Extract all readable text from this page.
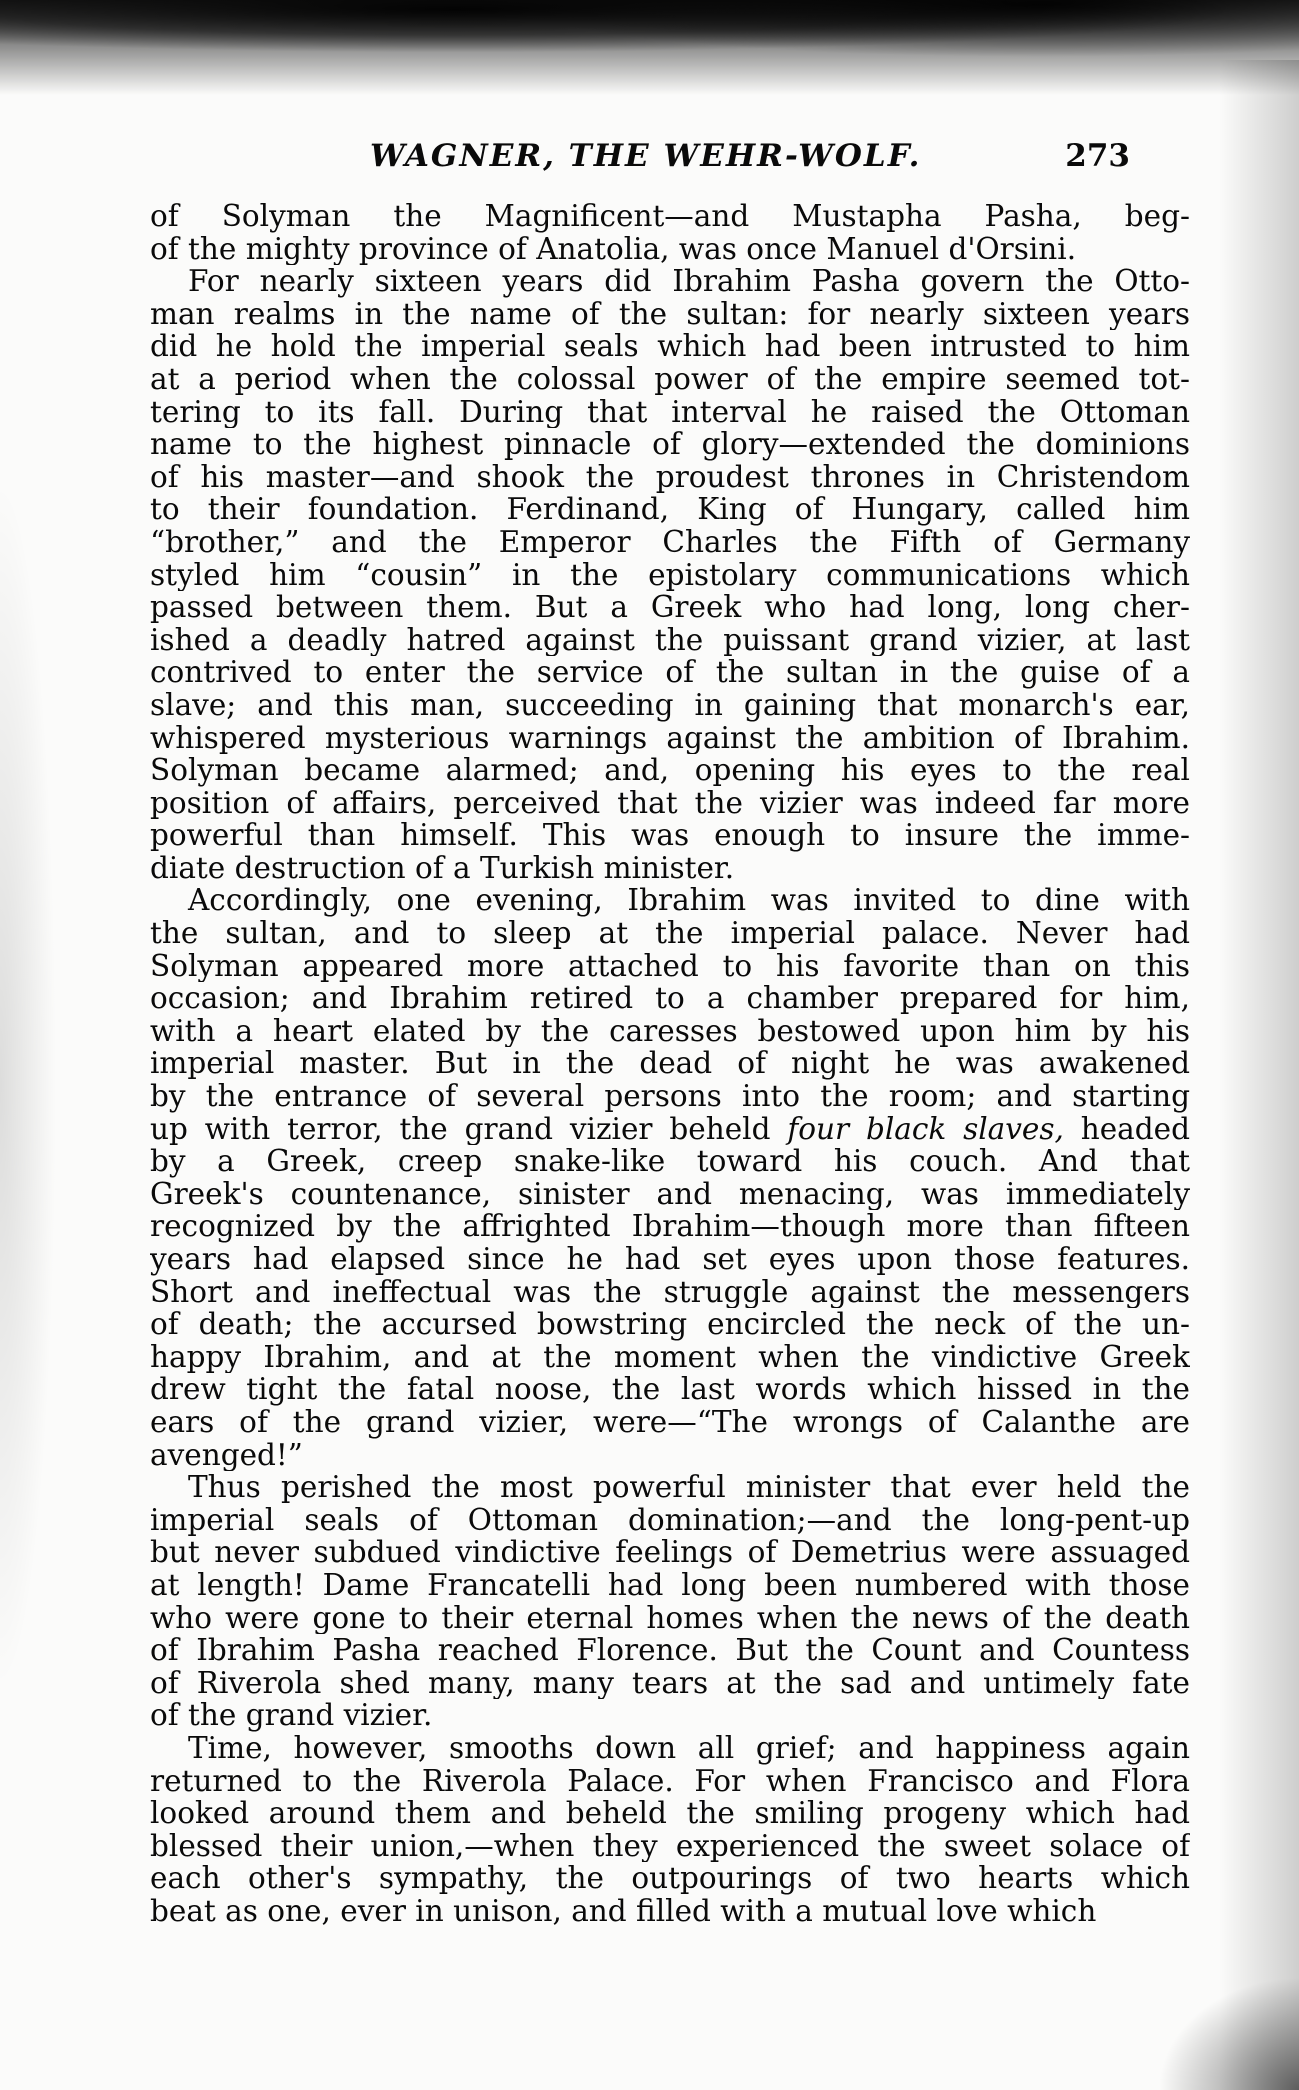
WAGNER, THE WEHR-WOLF.	273
of Solyman the Magnificent—and Mustapha Pasha, beg-
of the mighty province of Anatolia, was once Manuel d'Orsini.
For nearly sixteen years did Ibrahim Pasha govern the Otto-
man realms in the name of the sultan: for nearly sixteen years
did he hold the imperial seals which had been intrusted to him
at a period when the colossal power of the empire seemed tot-
tering to its fall. During that interval he raised the Ottoman
name to the highest pinnacle of glory—extended the dominions
of his master—and shook the proudest thrones in Christendom
to their foundation. Ferdinand, King of Hungary, called him
“brother,” and the Emperor Charles the Fifth of Germany
styled him “cousin” in the epistolary communications which
passed between them. But a Greek who had long, long cher-
ished a deadly hatred against the puissant grand vizier, at last
contrived to enter the service of the sultan in the guise of a
slave; and this man, succeeding in gaining that monarch's ear,
whispered mysterious warnings against the ambition of Ibrahim.
Solyman became alarmed; and, opening his eyes to the real
position of affairs, perceived that the vizier was indeed far more
powerful than himself. This was enough to insure the imme-
diate destruction of a Turkish minister.
Accordingly, one evening, Ibrahim was invited to dine with
the sultan, and to sleep at the imperial palace. Never had
Solyman appeared more attached to his favorite than on this
occasion; and Ibrahim retired to a chamber prepared for him,
with a heart elated by the caresses bestowed upon him by his
imperial master. But in the dead of night he was awakened
by the entrance of several persons into the room; and starting
up with terror, the grand vizier beheld four black slaves, headed
by a Greek, creep snake-like toward his couch. And that
Greek's countenance, sinister and menacing, was immediately
recognized by the affrighted Ibrahim—though more than fifteen
years had elapsed since he had set eyes upon those features.
Short and ineffectual was the struggle against the messengers
of death; the accursed bowstring encircled the neck of the un-
happy Ibrahim, and at the moment when the vindictive Greek
drew tight the fatal noose, the last words which hissed in the
ears of the grand vizier, were—“The wrongs of Calanthe are
avenged!”
Thus perished the most powerful minister that ever held the
imperial seals of Ottoman domination;—and the long-pent-up
but never subdued vindictive feelings of Demetrius were assuaged
at length! Dame Francatelli had long been numbered with those
who were gone to their eternal homes when the news of the death
of Ibrahim Pasha reached Florence. But the Count and Countess
of Riverola shed many, many tears at the sad and untimely fate
of the grand vizier.
Time, however, smooths down all grief; and happiness again
returned to the Riverola Palace. For when Francisco and Flora
looked around them and beheld the smiling progeny which had
blessed their union,—when they experienced the sweet solace of
each other's sympathy, the outpourings of two hearts which
beat as one, ever in unison, and filled with a mutual love which
